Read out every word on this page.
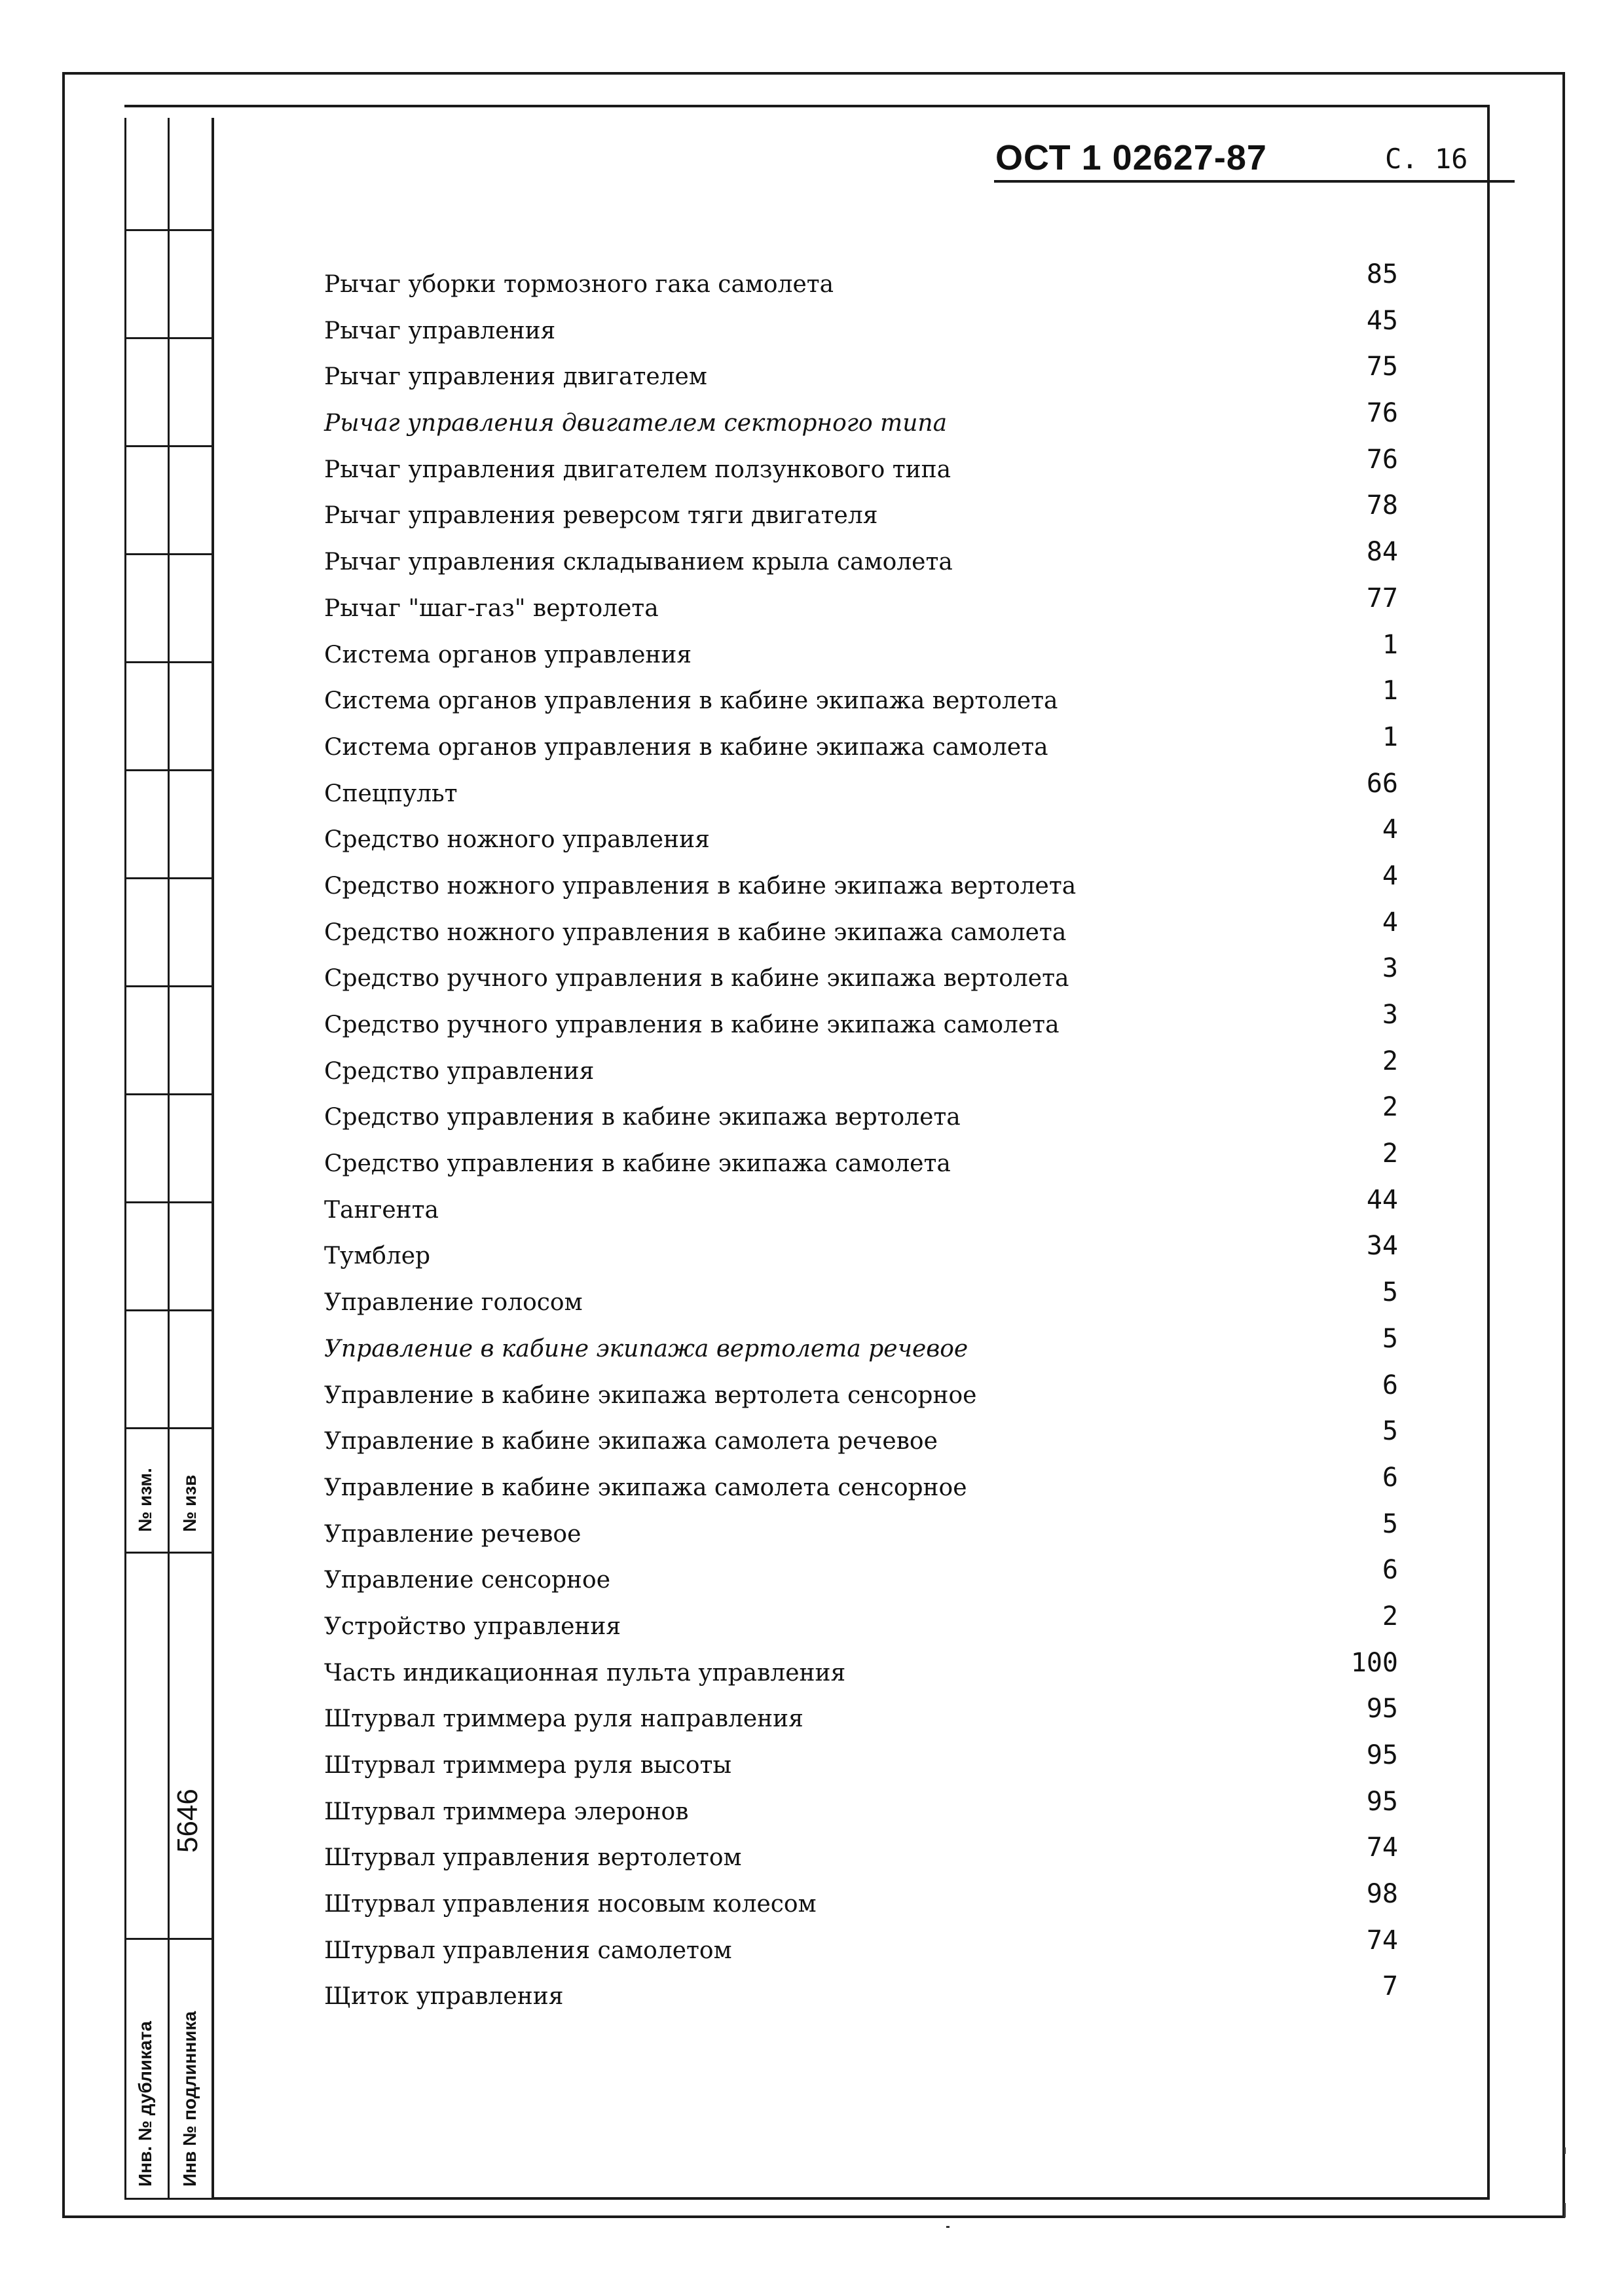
№ изм. № изв
5646
Инв. № дубликата Инв № подлинника
ОСТ 1 02627-87	С. 16
Рычаг уборки тормозного гака самолета	85
Рычаг управления	45
Рычаг управления двигателем	75
Рычаг управления двигателем секторного типа	76
Рычаг управления двигателем ползункового типа	76
Рычаг управления реверсом тяги двигателя	78
Рычаг управления складыванием крыла самолета	84
Рычаг "шаг-газ" вертолета	77
Система органов управления	1
Система органов управления в кабине экипажа вертолета	1
Система органов управления в кабине экипажа самолета	1
Спецпульт	66
Средство ножного управления	4
Средство ножного управления в кабине экипажа вертолета	4
Средство ножного управления в кабине экипажа самолета	4
Средство ручного управления в кабине экипажа вертолета	3
Средство ручного управления в кабине экипажа самолета	3
Средство управления	2
Средство управления в кабине экипажа вертолета	2
Средство управления в кабине экипажа самолета	2
Тангента	44
Тумблер	34
Управление голосом	5
Управление в кабине экипажа вертолета речевое	5
Управление в кабине экипажа вертолета сенсорное	6
Управление в кабине экипажа самолета речевое	5
Управление в кабине экипажа самолета сенсорное	6
Управление речевое	5
Управление сенсорное	6
Устройство управления	2
Часть индикационная пульта управления	100
Штурвал триммера руля направления	95
Штурвал триммера руля высоты	95
Штурвал триммера элеронов	95
Штурвал управления вертолетом	74
Штурвал управления носовым колесом	98
Штурвал управления самолетом	74
Щиток управления	7
